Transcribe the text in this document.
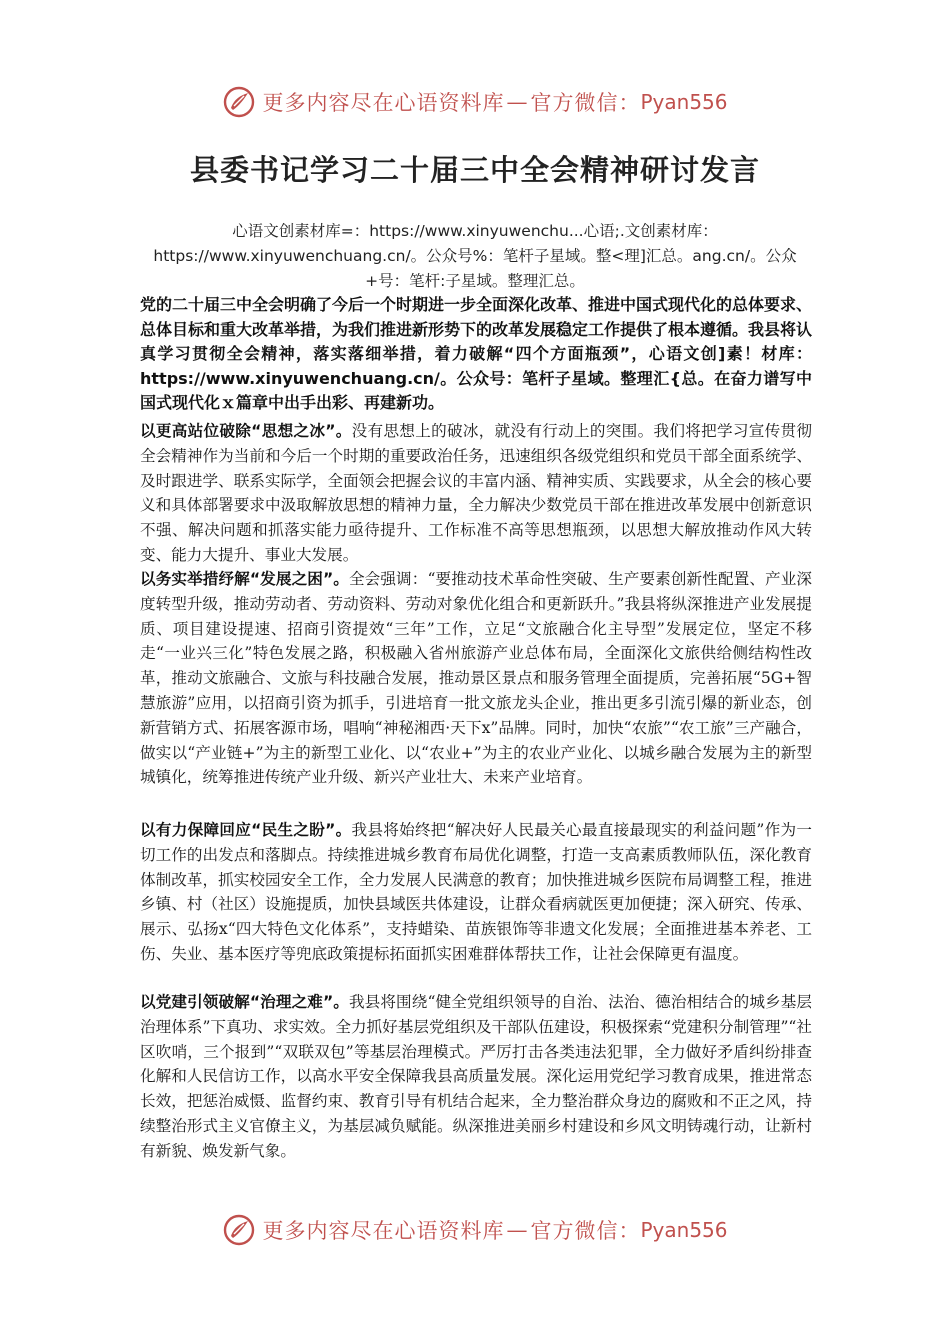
更多内容尽在心语资料库 — 官方微信： Pyan556
县委书记学习二十届三中全会精神研讨发言

心语文创素材库=：https://www.xinyuwenchu...心语;.文创素材库：https://www.xinyuwenchuang.cn/。公众号%：笔杆子星域。整<理]汇总。ang.cn/。公众+号：笔杆:子星域。整理汇总。

党的二十届三中全会明确了今后一个时期进一步全面深化改革、推进中国式现代化的总体要求、总体目标和重大改革举措，为我们推进新形势下的改革发展稳定工作提供了根本遵循。我县将认真学习贯彻全会精神，落实落细举措，着力破解“四个方面瓶颈”，心语文创]素！材库：https://www.xinyuwenchuang.cn/。公众号：笔杆子星域。整理汇{总。在奋力谱写中国式现代化ｘ篇章中出手出彩、再建新功。

以更高站位破除“思想之冰”。没有思想上的破冰，就没有行动上的突围。我们将把学习宣传贯彻全会精神作为当前和今后一个时期的重要政治任务，迅速组织各级党组织和党员干部全面系统学、及时跟进学、联系实际学，全面领会把握会议的丰富内涵、精神实质、实践要求，从全会的核心要义和具体部署要求中汲取解放思想的精神力量，全力解决少数党员干部在推进改革发展中创新意识不强、解决问题和抓落实能力亟待提升、工作标准不高等思想瓶颈，以思想大解放推动作风大转变、能力大提升、事业大发展。

以务实举措纾解“发展之困”。全会强调：“要推动技术革命性突破、生产要素创新性配置、产业深度转型升级，推动劳动者、劳动资料、劳动对象优化组合和更新跃升。”我县将纵深推进产业发展提质、项目建设提速、招商引资提效“三年”工作，立足“文旅融合化主导型”发展定位，坚定不移走“一业兴三化”特色发展之路，积极融入省州旅游产业总体布局，全面深化文旅供给侧结构性改革，推动文旅融合、文旅与科技融合发展，推动景区景点和服务管理全面提质，完善拓展“5G+智慧旅游”应用，以招商引资为抓手，引进培育一批文旅龙头企业，推出更多引流引爆的新业态，创新营销方式、拓展客源市场，唱响“神秘湘西·天下x”品牌。同时，加快“农旅”“农工旅”三产融合，做实以“产业链+”为主的新型工业化、以“农业+”为主的农业产业化、以城乡融合发展为主的新型城镇化，统筹推进传统产业升级、新兴产业壮大、未来产业培育。

以有力保障回应“民生之盼”。我县将始终把“解决好人民最关心最直接最现实的利益问题”作为一切工作的出发点和落脚点。持续推进城乡教育布局优化调整，打造一支高素质教师队伍，深化教育体制改革，抓实校园安全工作，全力发展人民满意的教育；加快推进城乡医院布局调整工程，推进乡镇、村（社区）设施提质，加快县域医共体建设，让群众看病就医更加便捷；深入研究、传承、展示、弘扬x“四大特色文化体系”，支持蜡染、苗族银饰等非遗文化发展；全面推进基本养老、工伤、失业、基本医疗等兜底政策提标拓面抓实困难群体帮扶工作，让社会保障更有温度。

以党建引领破解“治理之难”。我县将围绕“健全党组织领导的自治、法治、德治相结合的城乡基层治理体系”下真功、求实效。全力抓好基层党组织及干部队伍建设，积极探索“党建积分制管理”“社区吹哨，三个报到”“双联双包”等基层治理模式。严厉打击各类违法犯罪，全力做好矛盾纠纷排查化解和人民信访工作，以高水平安全保障我县高质量发展。深化运用党纪学习教育成果，推进常态长效，把惩治威慑、监督约束、教育引导有机结合起来，全力整治群众身边的腐败和不正之风，持续整治形式主义官僚主义，为基层减负赋能。纵深推进美丽乡村建设和乡风文明铸魂行动，让新村有新貌、焕发新气象。

更多内容尽在心语资料库 — 官方微信： Pyan556
